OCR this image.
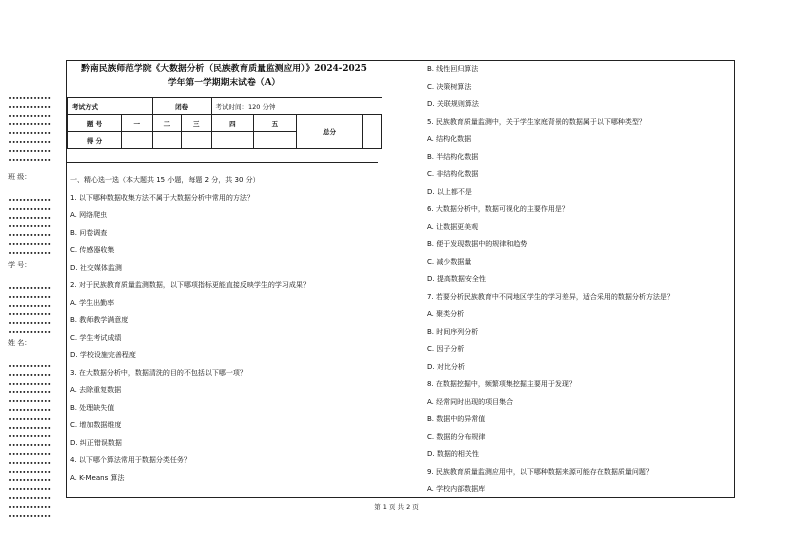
∙∙∙∙∙∙∙∙∙∙∙∙
∙∙∙∙∙∙∙∙∙∙∙∙
∙∙∙∙∙∙∙∙∙∙∙∙
∙∙∙∙∙∙∙∙∙∙∙∙
∙∙∙∙∙∙∙∙∙∙∙∙
∙∙∙∙∙∙∙∙∙∙∙∙
∙∙∙∙∙∙∙∙∙∙∙∙
∙∙∙∙∙∙∙∙∙∙∙∙
班 级：
∙∙∙∙∙∙∙∙∙∙∙∙
∙∙∙∙∙∙∙∙∙∙∙∙
∙∙∙∙∙∙∙∙∙∙∙∙
∙∙∙∙∙∙∙∙∙∙∙∙
∙∙∙∙∙∙∙∙∙∙∙∙
∙∙∙∙∙∙∙∙∙∙∙∙
∙∙∙∙∙∙∙∙∙∙∙∙
学 号：
∙∙∙∙∙∙∙∙∙∙∙∙
∙∙∙∙∙∙∙∙∙∙∙∙
∙∙∙∙∙∙∙∙∙∙∙∙
∙∙∙∙∙∙∙∙∙∙∙∙
∙∙∙∙∙∙∙∙∙∙∙∙
∙∙∙∙∙∙∙∙∙∙∙∙
姓 名：
∙∙∙∙∙∙∙∙∙∙∙∙
∙∙∙∙∙∙∙∙∙∙∙∙
∙∙∙∙∙∙∙∙∙∙∙∙
∙∙∙∙∙∙∙∙∙∙∙∙
∙∙∙∙∙∙∙∙∙∙∙∙
∙∙∙∙∙∙∙∙∙∙∙∙
∙∙∙∙∙∙∙∙∙∙∙∙
∙∙∙∙∙∙∙∙∙∙∙∙
∙∙∙∙∙∙∙∙∙∙∙∙
∙∙∙∙∙∙∙∙∙∙∙∙
∙∙∙∙∙∙∙∙∙∙∙∙
∙∙∙∙∙∙∙∙∙∙∙∙
∙∙∙∙∙∙∙∙∙∙∙∙
∙∙∙∙∙∙∙∙∙∙∙∙
∙∙∙∙∙∙∙∙∙∙∙∙
∙∙∙∙∙∙∙∙∙∙∙∙
∙∙∙∙∙∙∙∙∙∙∙∙
∙∙∙∙∙∙∙∙∙∙∙∙
黔南民族师范学院《大数据分析（民族教育质量监测应用）》2024-2025
学年第一学期期末试卷（A）
考试方式		闭卷		考试时间：120 分钟			
题 号	一	二	三	四	五	总分	
得 分							
一、精心选一选（本大题共 15 小题，每题 2 分，共 30 分）
1. 以下哪种数据收集方法不属于大数据分析中常用的方法？
A. 网络爬虫
B. 问卷调查
C. 传感器收集
D. 社交媒体监测
2. 对于民族教育质量监测数据，以下哪项指标更能直接反映学生的学习成果？
A. 学生出勤率
B. 教师教学满意度
C. 学生考试成绩
D. 学校设施完善程度
3. 在大数据分析中，数据清洗的目的不包括以下哪一项？
A. 去除重复数据
B. 处理缺失值
C. 增加数据维度
D. 纠正错误数据
4. 以下哪个算法常用于数据分类任务？
A. K-Means 算法
B. 线性回归算法
C. 决策树算法
D. 关联规则算法
5. 民族教育质量监测中，关于学生家庭背景的数据属于以下哪种类型？
A. 结构化数据
B. 半结构化数据
C. 非结构化数据
D. 以上都不是
6. 大数据分析中，数据可视化的主要作用是？
A. 让数据更美观
B. 便于发现数据中的规律和趋势
C. 减少数据量
D. 提高数据安全性
7. 若要分析民族教育中不同地区学生的学习差异，适合采用的数据分析方法是？
A. 聚类分析
B. 时间序列分析
C. 因子分析
D. 对比分析
8. 在数据挖掘中，频繁项集挖掘主要用于发现？
A. 经常同时出现的项目集合
B. 数据中的异常值
C. 数据的分布规律
D. 数据的相关性
9. 民族教育质量监测应用中，以下哪种数据来源可能存在数据质量问题？
A. 学校内部数据库
第 1 页 共 2 页
